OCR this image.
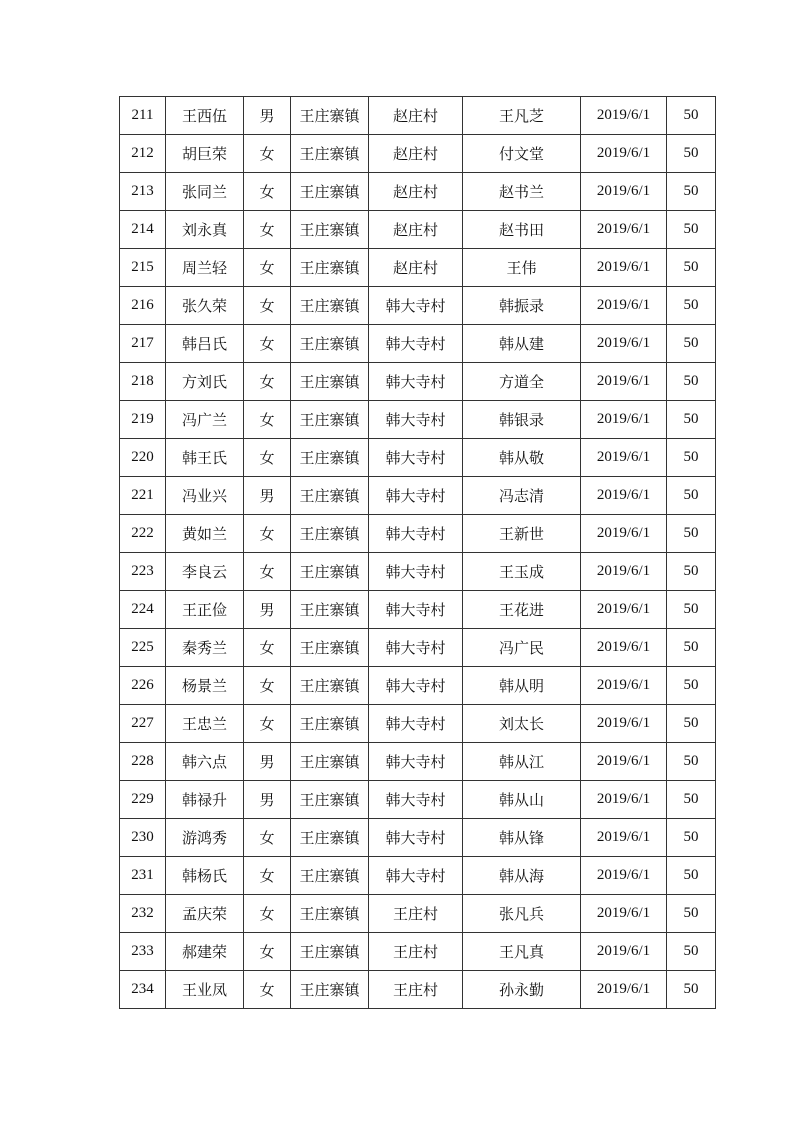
211	王西伍	男	王庄寨镇	赵庄村	王凡芝	2019/6/1	50
212	胡巨荣	女	王庄寨镇	赵庄村	付文堂	2019/6/1	50
213	张同兰	女	王庄寨镇	赵庄村	赵书兰	2019/6/1	50
214	刘永真	女	王庄寨镇	赵庄村	赵书田	2019/6/1	50
215	周兰轻	女	王庄寨镇	赵庄村	王伟	2019/6/1	50
216	张久荣	女	王庄寨镇	韩大寺村	韩振录	2019/6/1	50
217	韩吕氏	女	王庄寨镇	韩大寺村	韩从建	2019/6/1	50
218	方刘氏	女	王庄寨镇	韩大寺村	方道全	2019/6/1	50
219	冯广兰	女	王庄寨镇	韩大寺村	韩银录	2019/6/1	50
220	韩王氏	女	王庄寨镇	韩大寺村	韩从敬	2019/6/1	50
221	冯业兴	男	王庄寨镇	韩大寺村	冯志清	2019/6/1	50
222	黄如兰	女	王庄寨镇	韩大寺村	王新世	2019/6/1	50
223	李良云	女	王庄寨镇	韩大寺村	王玉成	2019/6/1	50
224	王正俭	男	王庄寨镇	韩大寺村	王花进	2019/6/1	50
225	秦秀兰	女	王庄寨镇	韩大寺村	冯广民	2019/6/1	50
226	杨景兰	女	王庄寨镇	韩大寺村	韩从明	2019/6/1	50
227	王忠兰	女	王庄寨镇	韩大寺村	刘太长	2019/6/1	50
228	韩六点	男	王庄寨镇	韩大寺村	韩从江	2019/6/1	50
229	韩禄升	男	王庄寨镇	韩大寺村	韩从山	2019/6/1	50
230	游鸿秀	女	王庄寨镇	韩大寺村	韩从锋	2019/6/1	50
231	韩杨氏	女	王庄寨镇	韩大寺村	韩从海	2019/6/1	50
232	孟庆荣	女	王庄寨镇	王庄村	张凡兵	2019/6/1	50
233	郝建荣	女	王庄寨镇	王庄村	王凡真	2019/6/1	50
234	王业凤	女	王庄寨镇	王庄村	孙永勤	2019/6/1	50
